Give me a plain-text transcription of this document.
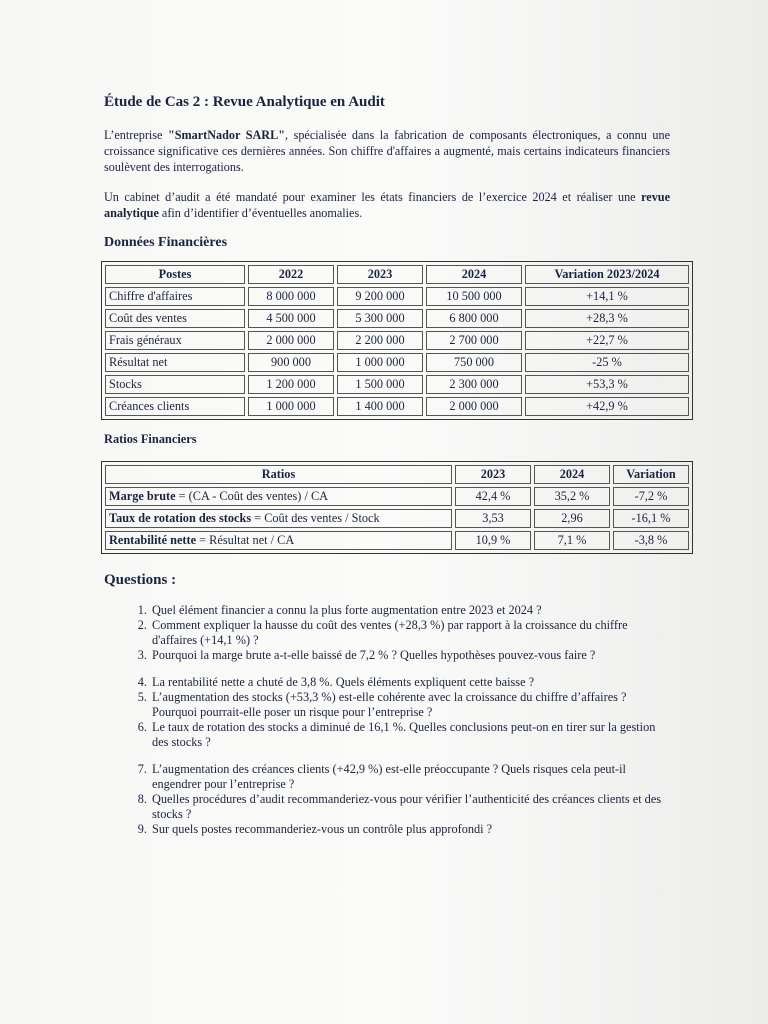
Étude de Cas 2 : Revue Analytique en Audit

L’entreprise "SmartNador SARL", spécialisée dans la fabrication de composants électroniques, a connu une croissance significative ces dernières années. Son chiffre d'affaires a augmenté, mais certains indicateurs financiers soulèvent des interrogations.

Un cabinet d’audit a été mandaté pour examiner les états financiers de l’exercice 2024 et réaliser une revue analytique afin d’identifier d’éventuelles anomalies.

Données Financières
Postes	2022	2023	2024	Variation 2023/2024
Chiffre d'affaires	8 000 000	9 200 000	10 500 000	+14,1 %
Coût des ventes	4 500 000	5 300 000	6 800 000	+28,3 %
Frais généraux	2 000 000	2 200 000	2 700 000	+22,7 %
Résultat net	900 000	1 000 000	750 000	-25 %
Stocks	1 200 000	1 500 000	2 300 000	+53,3 %
Créances clients	1 000 000	1 400 000	2 000 000	+42,9 %
Ratios Financiers
Ratios	2023	2024	Variation
Marge brute = (CA - Coût des ventes) / CA	42,4 %	35,2 %	-7,2 %
Taux de rotation des stocks = Coût des ventes / Stock	3,53	2,96	-16,1 %
Rentabilité nette = Résultat net / CA	10,9 %	7,1 %	-3,8 %
Questions :
1. Quel élément financier a connu la plus forte augmentation entre 2023 et 2024 ?
2. Comment expliquer la hausse du coût des ventes (+28,3 %) par rapport à la croissance du chiffre d'affaires (+14,1 %) ?
3. Pourquoi la marge brute a-t-elle baissé de 7,2 % ? Quelles hypothèses pouvez-vous faire ?
4. La rentabilité nette a chuté de 3,8 %. Quels éléments expliquent cette baisse ?
5. L’augmentation des stocks (+53,3 %) est-elle cohérente avec la croissance du chiffre d’affaires ? Pourquoi pourrait-elle poser un risque pour l’entreprise ?
6. Le taux de rotation des stocks a diminué de 16,1 %. Quelles conclusions peut-on en tirer sur la gestion des stocks ?
7. L’augmentation des créances clients (+42,9 %) est-elle préoccupante ? Quels risques cela peut-il engendrer pour l’entreprise ?
8. Quelles procédures d’audit recommanderiez-vous pour vérifier l’authenticité des créances clients et des stocks ?
9. Sur quels postes recommanderiez-vous un contrôle plus approfondi ?
